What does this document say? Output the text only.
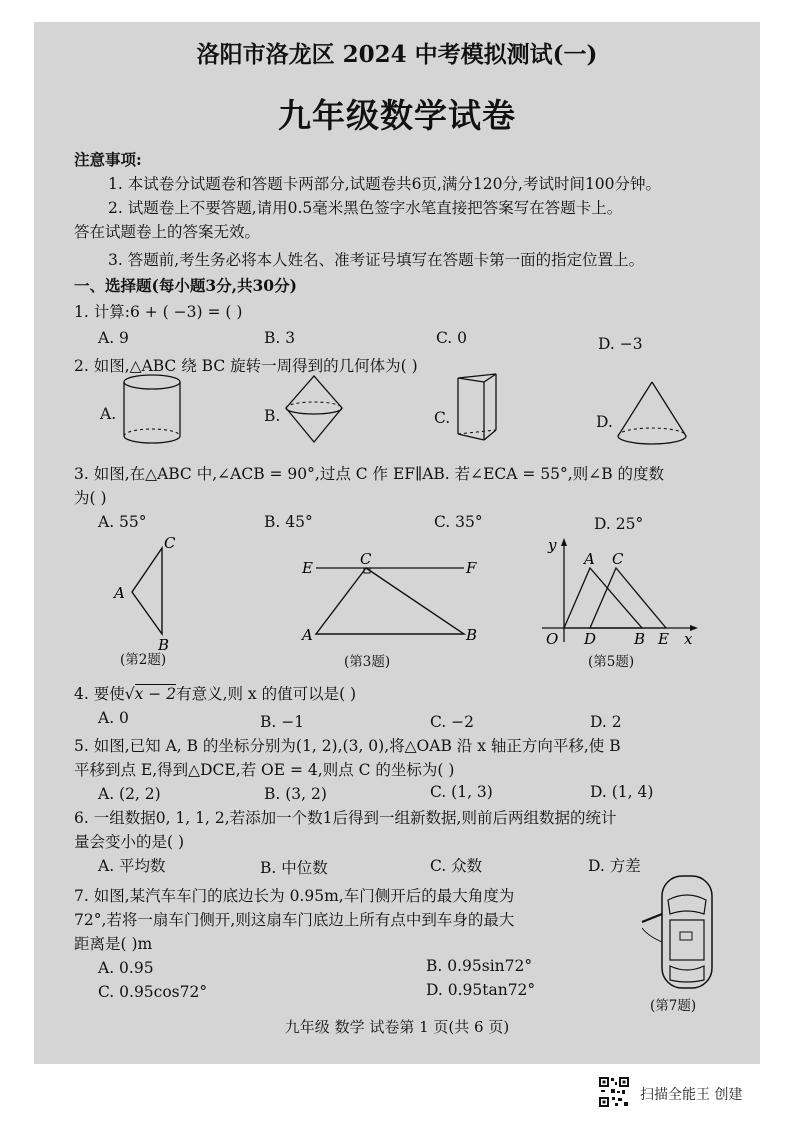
洛阳市洛龙区 2024 中考模拟测试(一)
九年级数学试卷
注意事项:
1. 本试卷分试题卷和答题卡两部分,试题卷共6页,满分120分,考试时间100分钟。
2. 试题卷上不要答题,请用0.5毫米黑色签字水笔直接把答案写在答题卡上。
答在试题卷上的答案无效。
3. 答题前,考生务必将本人姓名、准考证号填写在答题卡第一面的指定位置上。
一、选择题(每小题3分,共30分)
1. 计算:6 + ( −3) = ( )
A. 9	B. 3	C. 0	D. −3
2. 如图,△ABC 绕 BC 旋转一周得到的几何体为( )
A.	B.	C.	D.
3. 如图,在△ABC 中,∠ACB = 90°,过点 C 作 EF∥AB. 若∠ECA = 55°,则∠B 的度数
为( )
A. 55°	B. 45°	C. 35°	D. 25°
C
A
B
(第2题)
C
E	F
A	B
(第3题)
y
A C
O D	B E x
(第5题)
4. 要使√x − 2有意义,则 x 的值可以是( )
A. 0	B. −1	C. −2	D. 2
5. 如图,已知 A, B 的坐标分别为(1, 2),(3, 0),将△OAB 沿 x 轴正方向平移,使 B
平移到点 E,得到△DCE,若 OE = 4,则点 C 的坐标为( )
A. (2, 2)	B. (3, 2)	C. (1, 3)	D. (1, 4)
6. 一组数据0, 1, 1, 2,若添加一个数1后得到一组新数据,则前后两组数据的统计
量会变小的是( )
A. 平均数	B. 中位数	C. 众数	D. 方差
7. 如图,某汽车车门的底边长为 0.95m,车门侧开后的最大角度为
72°,若将一扇车门侧开,则这扇车门底边上所有点中到车身的最大
距离是( )m
A. 0.95	B. 0.95sin72°
C. 0.95cos72°	D. 0.95tan72°
(第7题)
九年级 数学 试卷第 1 页(共 6 页)
扫描全能王 创建
